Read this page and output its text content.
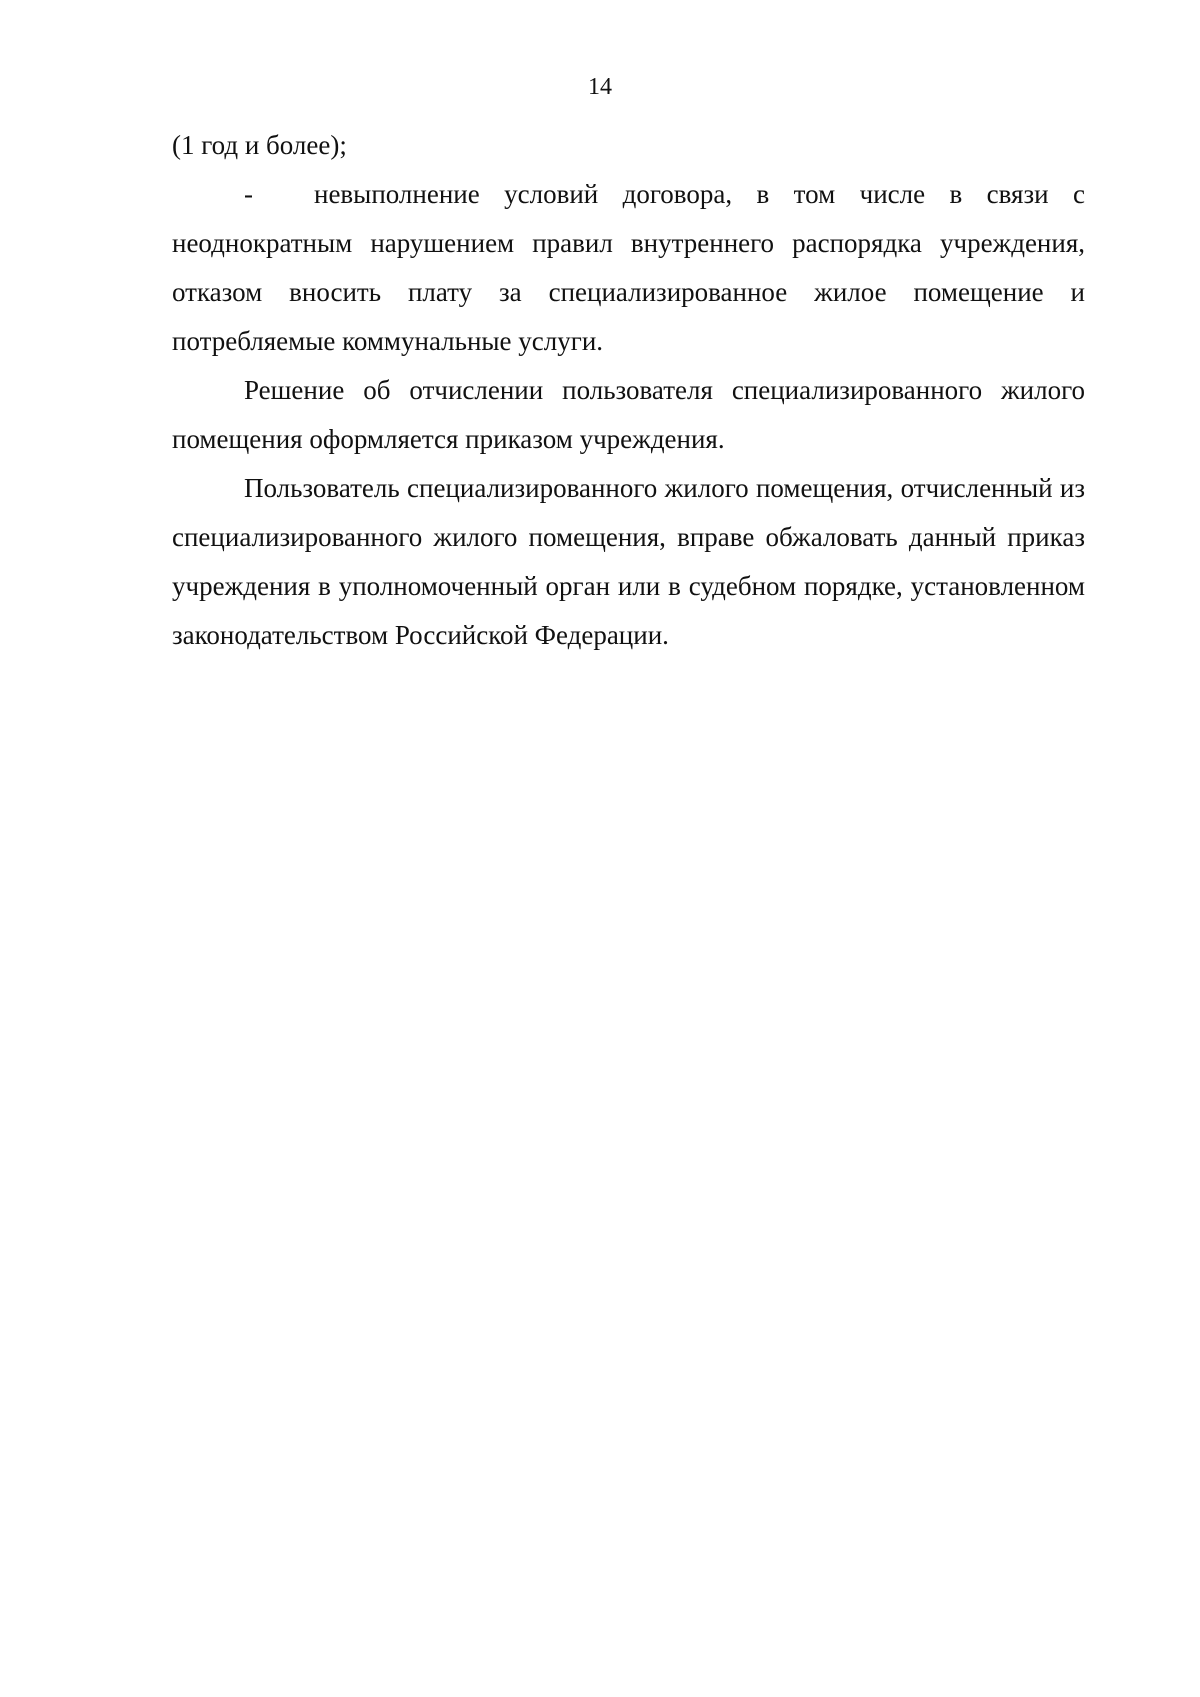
14

(1 год и более);

- невыполнение условий договора, в том числе в связи с неоднократным нарушением правил внутреннего распорядка учреждения, отказом вносить плату за специализированное жилое помещение и потребляемые коммунальные услуги.

Решение об отчислении пользователя специализированного жилого помещения оформляется приказом учреждения.

Пользователь специализированного жилого помещения, отчисленный из специализированного жилого помещения, вправе обжаловать данный приказ учреждения в уполномоченный орган или в судебном порядке, установленном законодательством Российской Федерации.
